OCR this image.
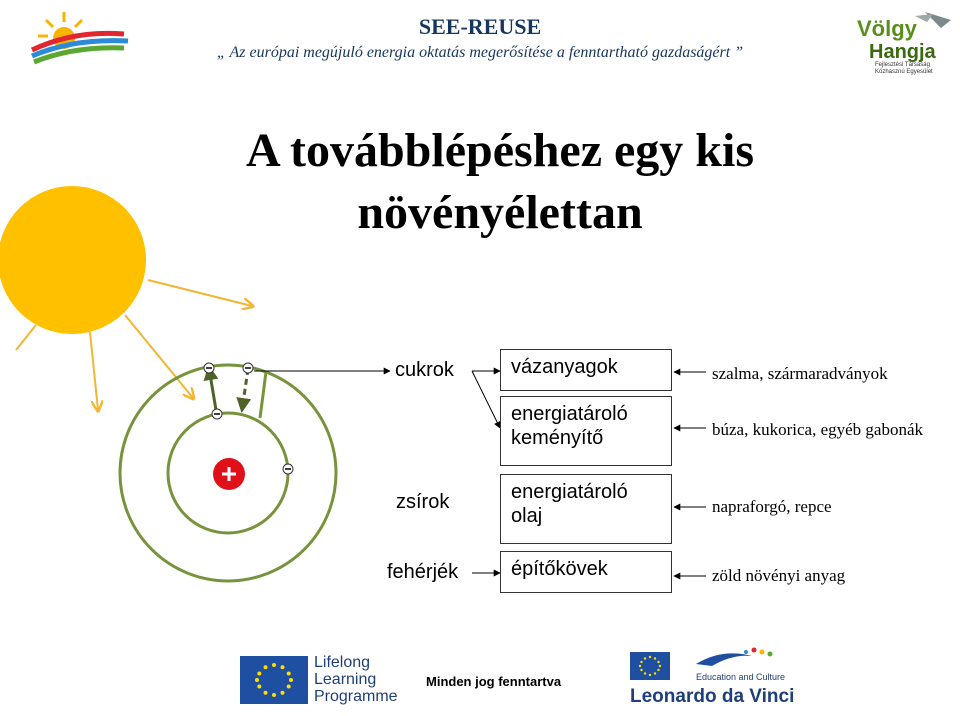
SEE-REUSE
„ Az európai megújuló energia oktatás megerősítése a fenntartható gazdaságért ”
Völgy
Hangja
Fejlesztési Társaság
Közhasznú Egyesület
A továbblépéshez egy kis
növényélettan
cukrok
zsírok
fehérjék
vázanyagok
energiatároló
keményítő
energiatároló
olaj
építőkövek
szalma, szármaradványok
búza, kukorica, egyéb gabonák
napraforgó, repce
zöld növényi anyag
Lifelong
Learning
Programme
Minden jog fenntartva	Education and Culture
Leonardo da Vinci
